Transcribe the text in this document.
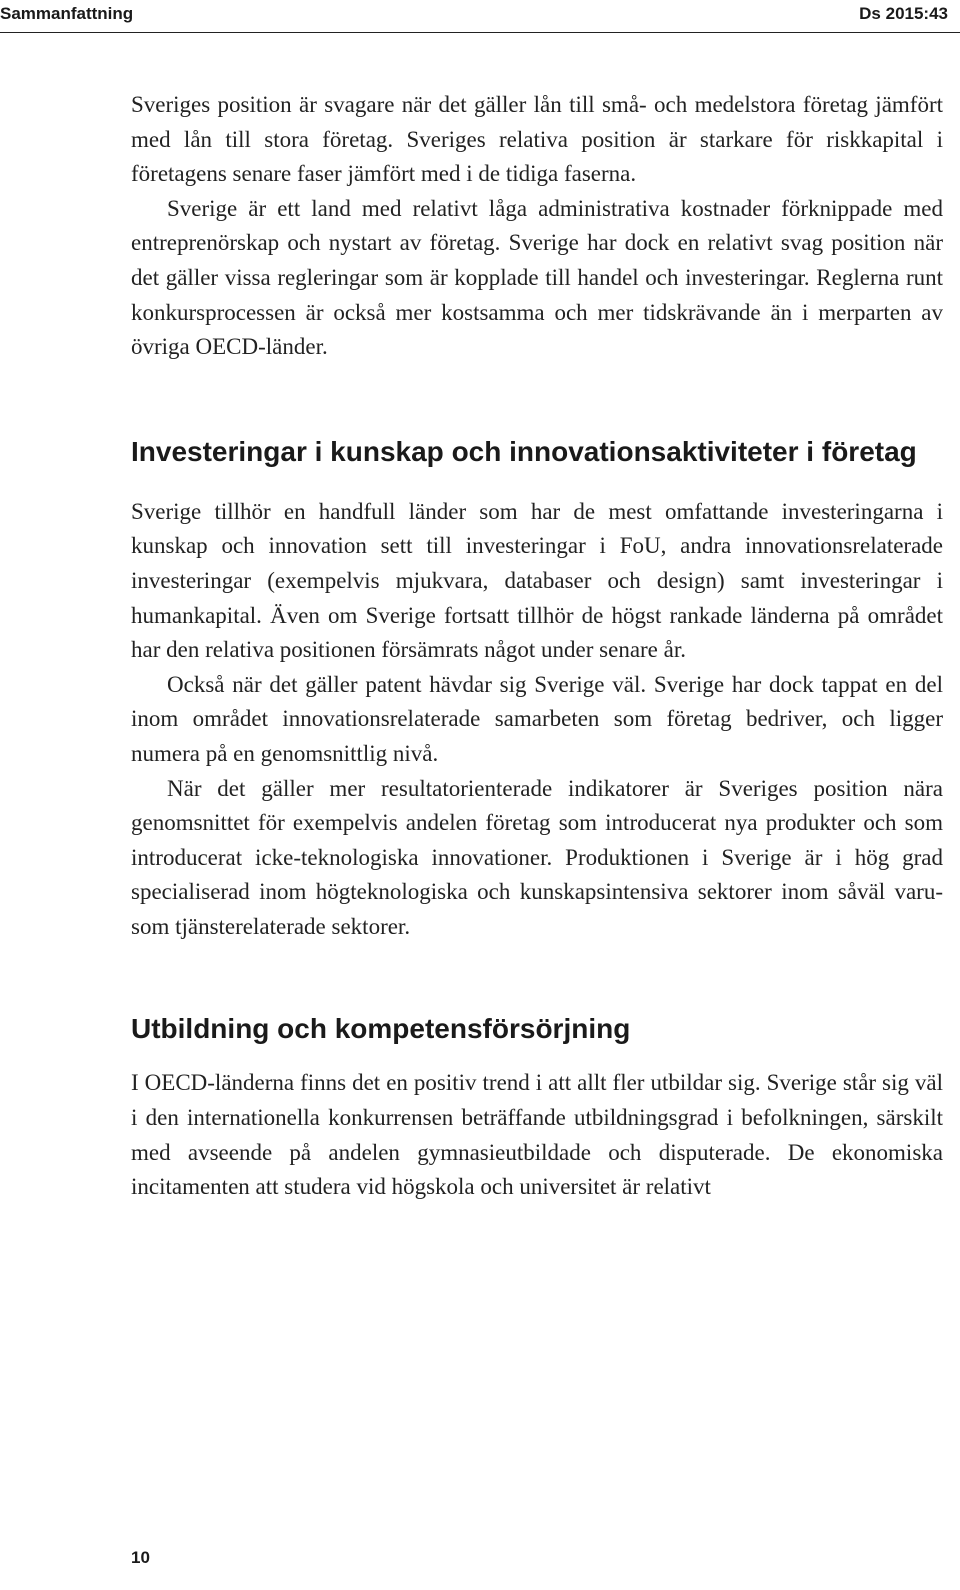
Sammanfattning	Ds 2015:43

Sveriges position är svagare när det gäller lån till små- och medelstora företag jämfört med lån till stora företag. Sveriges relativa position är starkare för riskkapital i företagens senare faser jämfört med i de tidiga faserna.

Sverige är ett land med relativt låga administrativa kostnader förknippade med entreprenörskap och nystart av företag. Sverige har dock en relativt svag position när det gäller vissa regleringar som är kopplade till handel och investeringar. Reglerna runt konkursprocessen är också mer kostsamma och mer tidskrävande än i merparten av övriga OECD-länder.

Investeringar i kunskap och innovationsaktiviteter i företag

Sverige tillhör en handfull länder som har de mest omfattande investeringarna i kunskap och innovation sett till investeringar i FoU, andra innovationsrelaterade investeringar (exempelvis mjukvara, databaser och design) samt investeringar i humankapital. Även om Sverige fortsatt tillhör de högst rankade länderna på området har den relativa positionen försämrats något under senare år.

Också när det gäller patent hävdar sig Sverige väl. Sverige har dock tappat en del inom området innovationsrelaterade samarbeten som företag bedriver, och ligger numera på en genomsnittlig nivå.

När det gäller mer resultatorienterade indikatorer är Sveriges position nära genomsnittet för exempelvis andelen företag som introducerat nya produkter och som introducerat icke-teknologiska innovationer. Produktionen i Sverige är i hög grad specialiserad inom högteknologiska och kunskapsintensiva sektorer inom såväl varu- som tjänsterelaterade sektorer.

Utbildning och kompetensförsörjning

I OECD-länderna finns det en positiv trend i att allt fler utbildar sig. Sverige står sig väl i den internationella konkurrensen beträffande utbildningsgrad i befolkningen, särskilt med avseende på andelen gymnasieutbildade och disputerade. De ekonomiska incitamenten att studera vid högskola och universitet är relativt

10
